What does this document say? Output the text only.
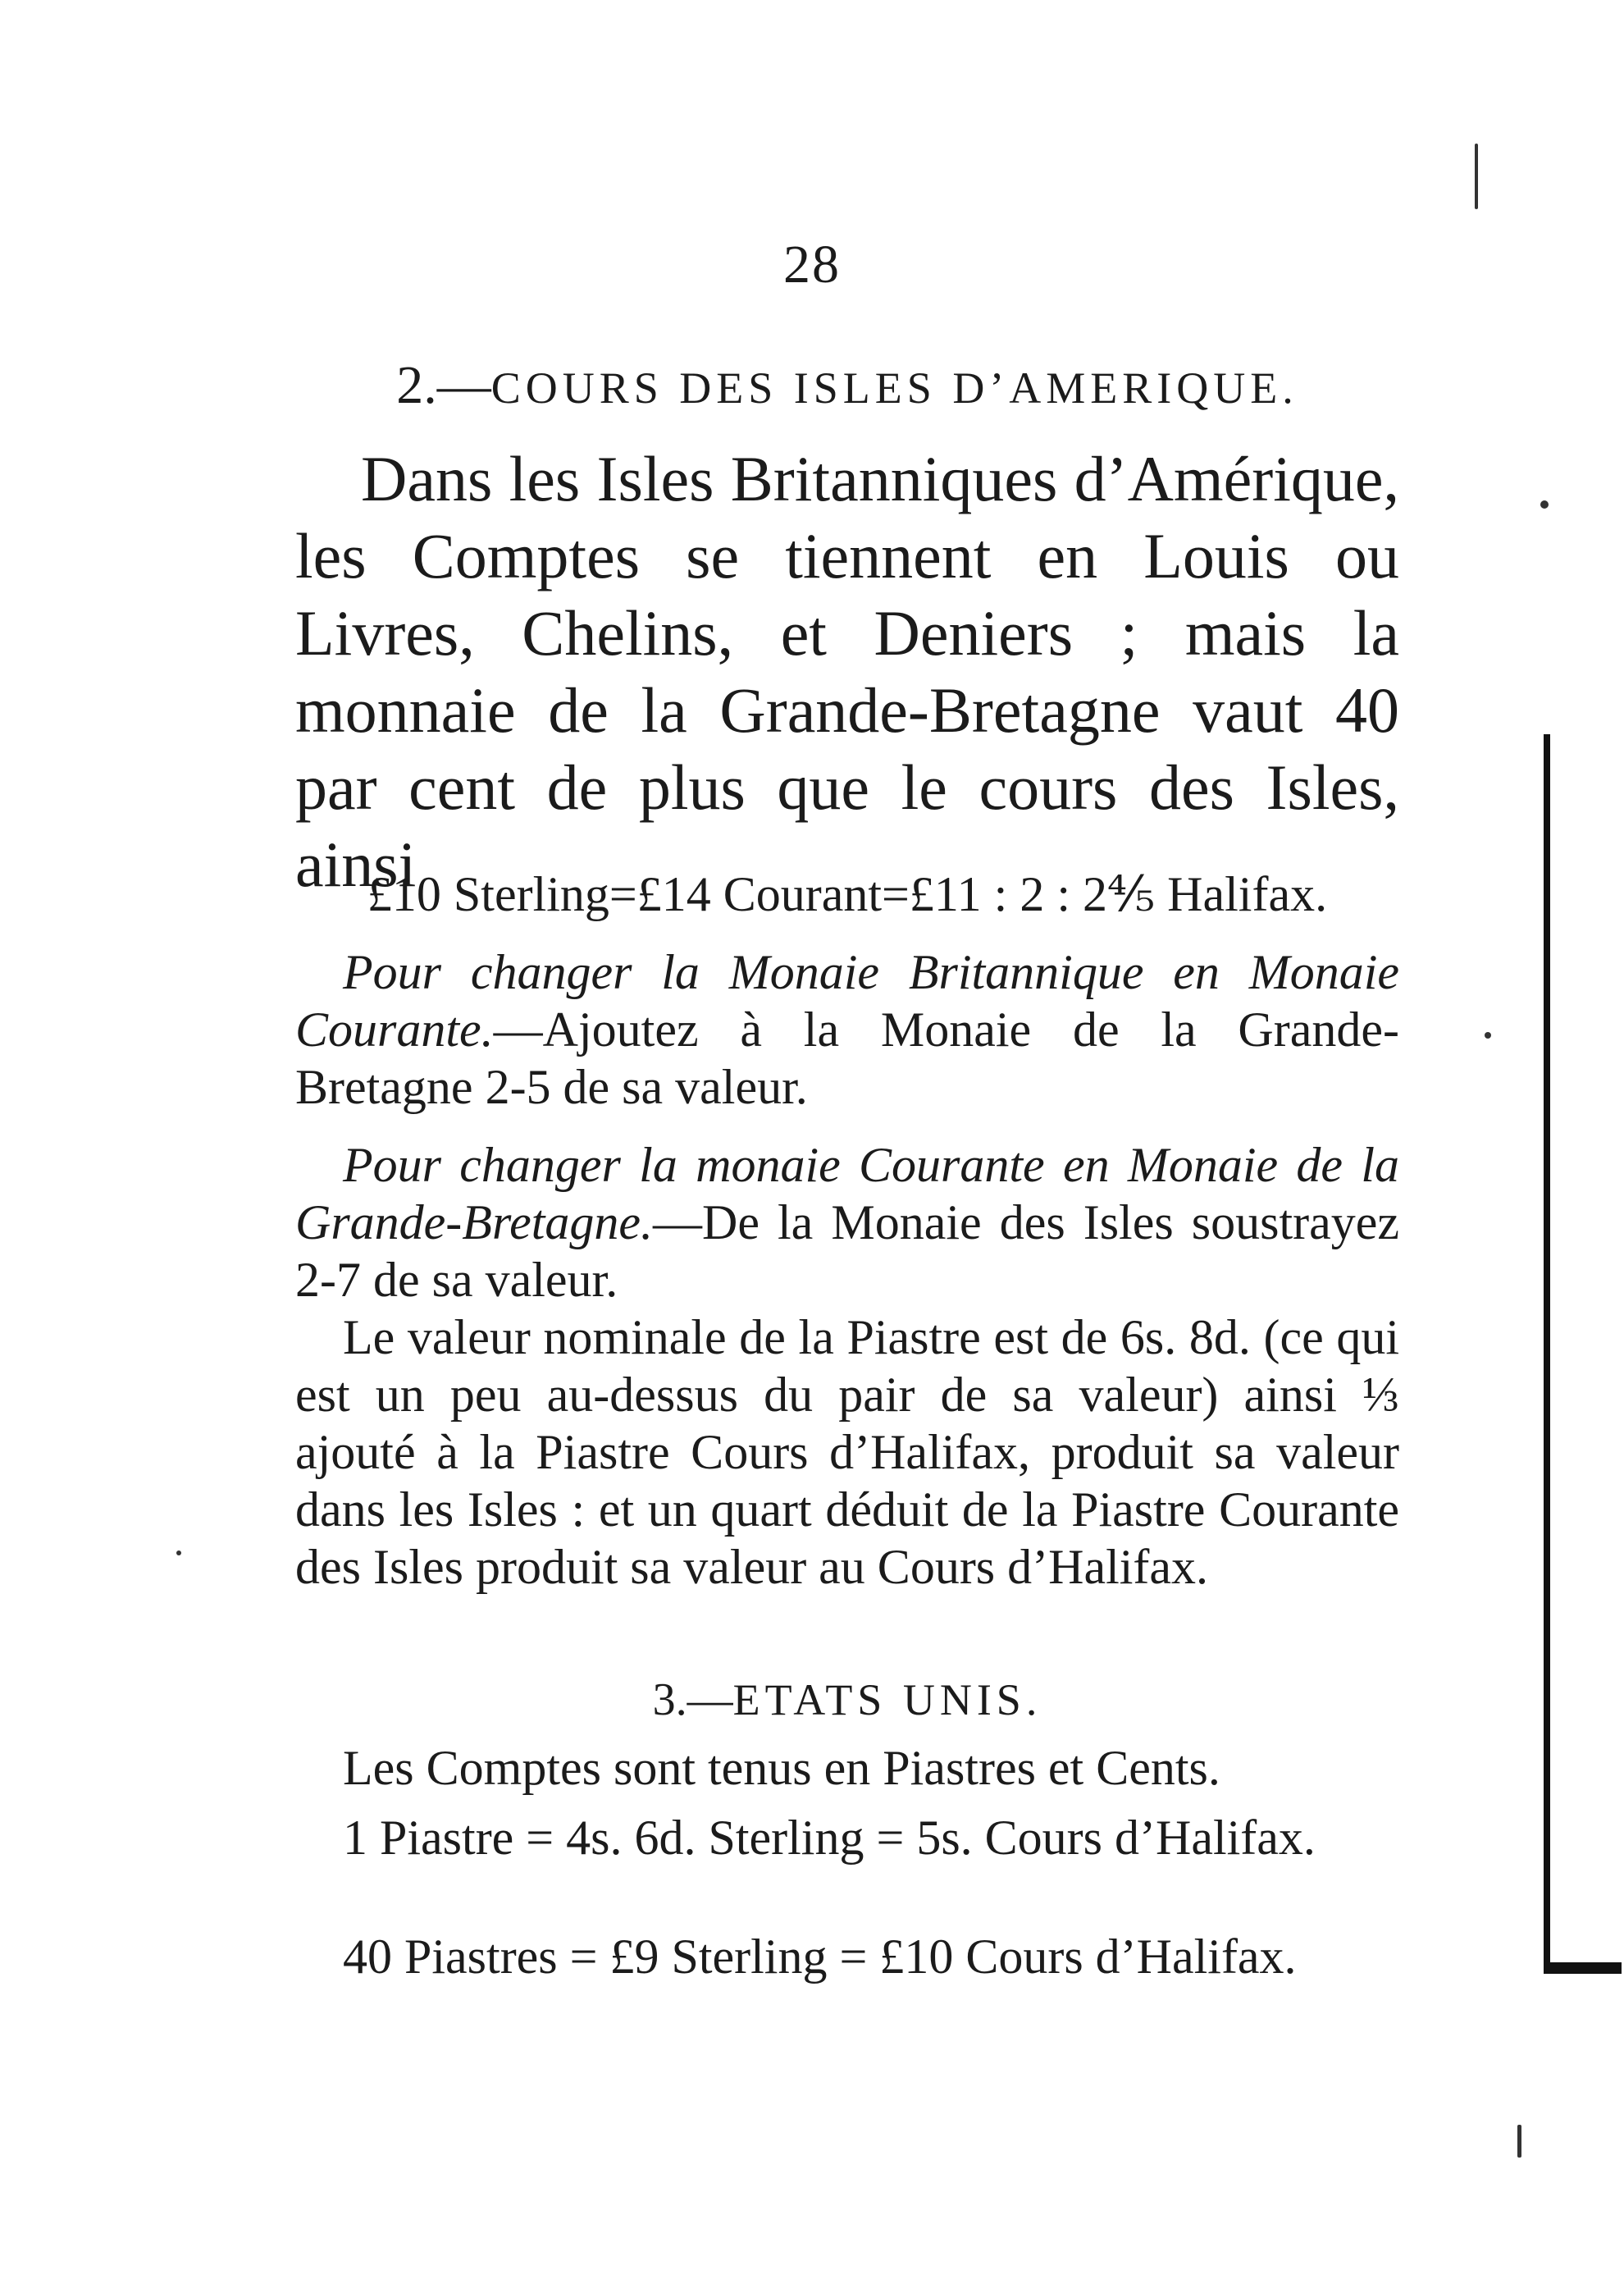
28
2.—COURS DES ISLES D’AMERIQUE.

Dans les Isles Britanniques d’Amérique, les Comptes se tiennent en Louis ou Livres, Chelins, et Deniers ; mais la monnaie de la Grande-Bretagne vaut 40 par cent de plus que le cours des Isles, ainsi

£10 Sterling=£14 Courant=£11 : 2 : 2⅘ Halifax.

Pour changer la Monaie Britannique en Monaie Courante.—Ajoutez à la Monaie de la Grande-Bretagne 2-5 de sa valeur.

Pour changer la monaie Courante en Monaie de la Grande-Bretagne.—De la Monaie des Isles soustrayez 2-7 de sa valeur.

Le valeur nominale de la Piastre est de 6s. 8d. (ce qui est un peu au-dessus du pair de sa valeur) ainsi ⅓ ajouté à la Piastre Cours d’Halifax, produit sa valeur dans les Isles : et un quart déduit de la Piastre Courante des Isles produit sa valeur au Cours d’Halifax.

3.—ETATS UNIS.

Les Comptes sont tenus en Piastres et Cents.

1 Piastre = 4s. 6d. Sterling = 5s. Cours d’Halifax.

40 Piastres = £9 Sterling = £10 Cours d’Halifax.
